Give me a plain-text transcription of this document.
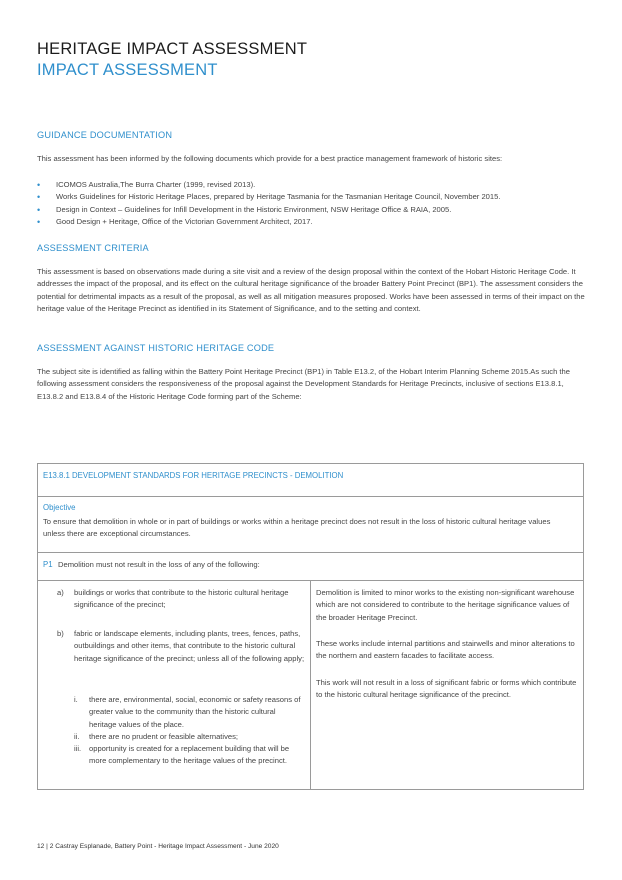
HERITAGE IMPACT ASSESSMENT
IMPACT ASSESSMENT
GUIDANCE DOCUMENTATION
This assessment has been informed by the following documents which provide for a best practice management framework of historic sites:
• ICOMOS Australia,The Burra Charter (1999, revised 2013).
• Works Guidelines for Historic Heritage Places, prepared by Heritage Tasmania for the Tasmanian Heritage Council, November 2015.
• Design in Context – Guidelines for Infill Development in the Historic Environment, NSW Heritage Office & RAIA, 2005.
• Good Design + Heritage, Office of the Victorian Government Architect, 2017.
ASSESSMENT CRITERIA
This assessment is based on observations made during a site visit and a review of the design proposal within the context of the Hobart Historic Heritage Code. It addresses the impact of the proposal, and its effect on the cultural heritage significance of the broader Battery Point Precinct (BP1). The assessment considers the potential for detrimental impacts as a result of the proposal, as well as all mitigation measures proposed. Works have been assessed in terms of their impact on the heritage value of the Heritage Precinct as identified in its Statement of Significance, and to the setting and context.
ASSESSMENT AGAINST HISTORIC HERITAGE CODE
The subject site is identified as falling within the Battery Point Heritage Precinct (BP1) in Table E13.2, of the Hobart Interim Planning Scheme 2015.As such the following assessment considers the responsiveness of the proposal against the Development Standards for Heritage Precincts, inclusive of sections E13.8.1, E13.8.2 and E13.8.4 of the Historic Heritage Code forming part of the Scheme:
E13.8.1 DEVELOPMENT STANDARDS FOR HERITAGE PRECINCTS - DEMOLITION
Objective
To ensure that demolition in whole or in part of buildings or works within a heritage precinct does not result in the loss of historic cultural heritage values unless there are exceptional circumstances.
P1 Demolition must not result in the loss of any of the following:
a) buildings or works that contribute to the historic cultural heritage significance of the precinct;
b) fabric or landscape elements, including plants, trees, fences, paths, outbuildings and other items, that contribute to the historic cultural heritage significance of the precinct; unless all of the following apply;
i. there are, environmental, social, economic or safety reasons of greater value to the community than the historic cultural heritage values of the place.
ii. there are no prudent or feasible alternatives;
iii. opportunity is created for a replacement building that will be more complementary to the heritage values of the precinct.
Demolition is limited to minor works to the existing non-significant warehouse which are not considered to contribute to the heritage significance values of the broader Heritage Precinct.
These works include internal partitions and stairwells and minor alterations to the northern and eastern facades to facilitate access.
This work will not result in a loss of significant fabric or forms which contribute to the historic cultural heritage significance of the precinct.
12 | 2 Castray Esplanade, Battery Point - Heritage Impact Assessment - June 2020
